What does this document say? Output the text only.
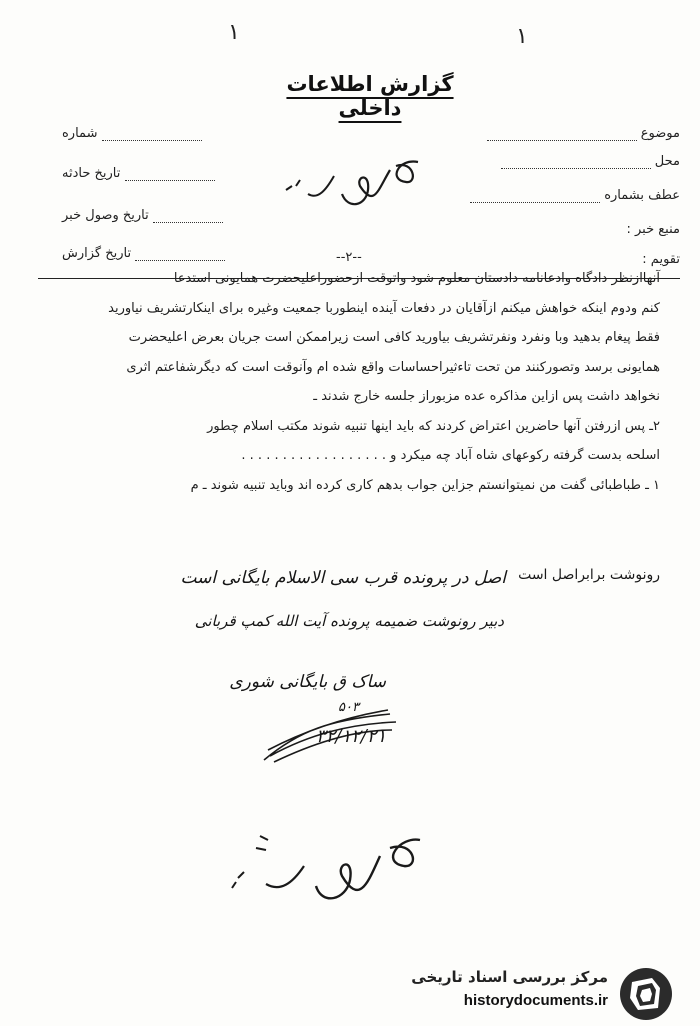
۱	۱
گزارش اطلاعات داخلی
موضوع
محل
عطف بشماره
منبع خبر :
تقویم :
شماره
تاریخ حادثه
تاریخ وصول خبر
تاریخ گزارش	--۲--

آنهاازنظر دادگاه وادعانامه دادستان معلوم شود واتوقت ازحضوراعلیحضرت همایونی استدعا

کنم ودوم اینکه خواهش میکنم ازآقایان در دفعات آینده اینطوربا جمعیت وغیره برای اینکارتشریف نیاورید

فقط پیغام بدهید وبا ونفرد ونفرتشریف بیاورید کافی است زیراممکن است جریان بعرض اعلیحضرت

همایونی برسد وتصورکنند من تحت تاءثیراحساسات واقع شده ام وآنوقت است که دیگرشفاعتم اثری

نخواهد داشت پس ازاین مذاکره عده مزبوراز جلسه خارج شدند ـ

۲ـ پس ازرفتن آنها حاضرین اعتراض کردند که باید اینها تنبیه شوند مکتب اسلام چطور

اسلحه بدست گرفته رکوعهای شاه آباد چه میکرد و . . . . . . . . . . . . . . . . . .

۱ ـ طباطبائی گفت من نمیتوانستم جزاین جواب بدهم کاری کرده اند وباید تنبیه شوند ـ م

رونوشت برابراصل است
اصل در پرونده قرب سی الاسلام بایگانی است
دبیر رونوشت ضمیمه پرونده آیت الله کمپ قربانی
ساک ق بایگانی شوری
۵۰۳
۳۲/۱۲/۲۱
مرکز بررسی اسناد تاریخی
historydocuments.ir
